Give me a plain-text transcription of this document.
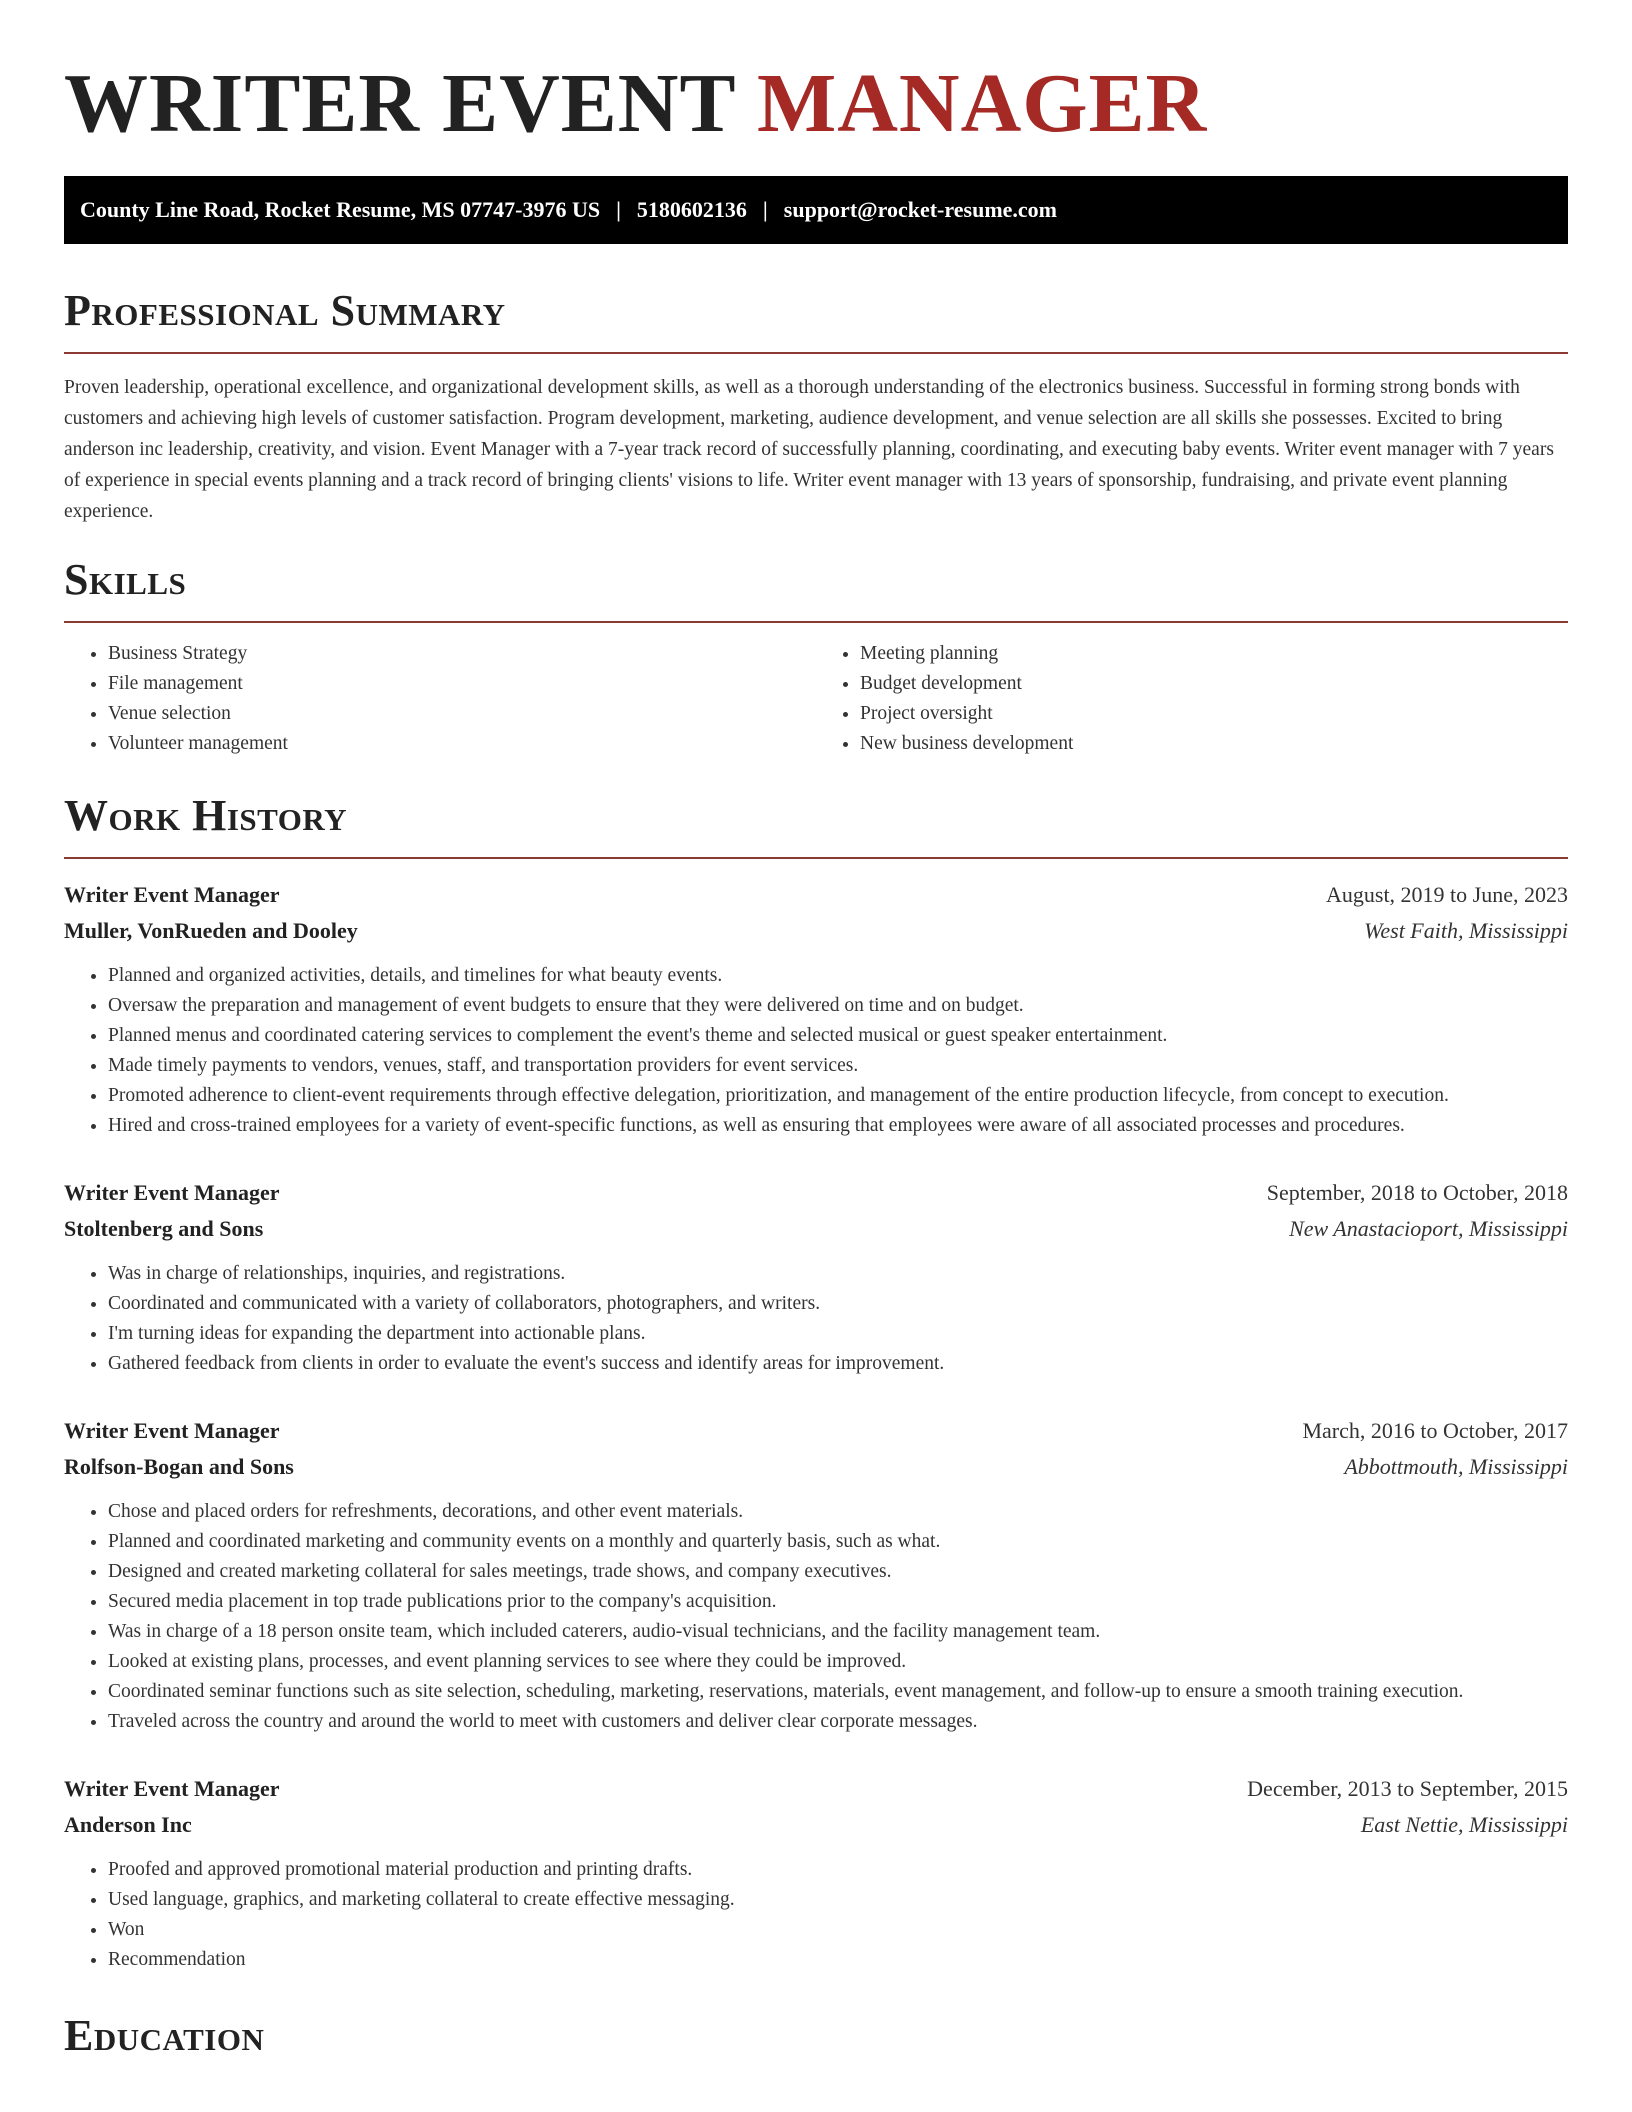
WRITER EVENT MANAGER
County Line Road, Rocket Resume, MS 07747-3976 US | 5180602136 | support@rocket-resume.com
Professional Summary

Proven leadership, operational excellence, and organizational development skills, as well as a thorough understanding of the electronics business. Successful in forming strong bonds with customers and achieving high levels of customer satisfaction. Program development, marketing, audience development, and venue selection are all skills she possesses. Excited to bring anderson inc leadership, creativity, and vision. Event Manager with a 7-year track record of successfully planning, coordinating, and executing baby events. Writer event manager with 7 years of experience in special events planning and a track record of bringing clients' visions to life. Writer event manager with 13 years of sponsorship, fundraising, and private event planning experience.

Skills
• Business Strategy
• File management
• Venue selection
• Volunteer management
• Meeting planning
• Budget development
• Project oversight
• New business development
Work History
Writer Event Manager	August, 2019 to June, 2023
Muller, VonRueden and Dooley	West Faith, Mississippi
• Planned and organized activities, details, and timelines for what beauty events.
• Oversaw the preparation and management of event budgets to ensure that they were delivered on time and on budget.
• Planned menus and coordinated catering services to complement the event's theme and selected musical or guest speaker entertainment.
• Made timely payments to vendors, venues, staff, and transportation providers for event services.
• Promoted adherence to client-event requirements through effective delegation, prioritization, and management of the entire production lifecycle, from concept to execution.
• Hired and cross-trained employees for a variety of event-specific functions, as well as ensuring that employees were aware of all associated processes and procedures.
Writer Event Manager	September, 2018 to October, 2018
Stoltenberg and Sons	New Anastacioport, Mississippi
• Was in charge of relationships, inquiries, and registrations.
• Coordinated and communicated with a variety of collaborators, photographers, and writers.
• I'm turning ideas for expanding the department into actionable plans.
• Gathered feedback from clients in order to evaluate the event's success and identify areas for improvement.
Writer Event Manager	March, 2016 to October, 2017
Rolfson-Bogan and Sons	Abbottmouth, Mississippi
• Chose and placed orders for refreshments, decorations, and other event materials.
• Planned and coordinated marketing and community events on a monthly and quarterly basis, such as what.
• Designed and created marketing collateral for sales meetings, trade shows, and company executives.
• Secured media placement in top trade publications prior to the company's acquisition.
• Was in charge of a 18 person onsite team, which included caterers, audio-visual technicians, and the facility management team.
• Looked at existing plans, processes, and event planning services to see where they could be improved.
• Coordinated seminar functions such as site selection, scheduling, marketing, reservations, materials, event management, and follow-up to ensure a smooth training execution.
• Traveled across the country and around the world to meet with customers and deliver clear corporate messages.
Writer Event Manager	December, 2013 to September, 2015
Anderson Inc	East Nettie, Mississippi
• Proofed and approved promotional material production and printing drafts.
• Used language, graphics, and marketing collateral to create effective messaging.
• Won
• Recommendation
Education
